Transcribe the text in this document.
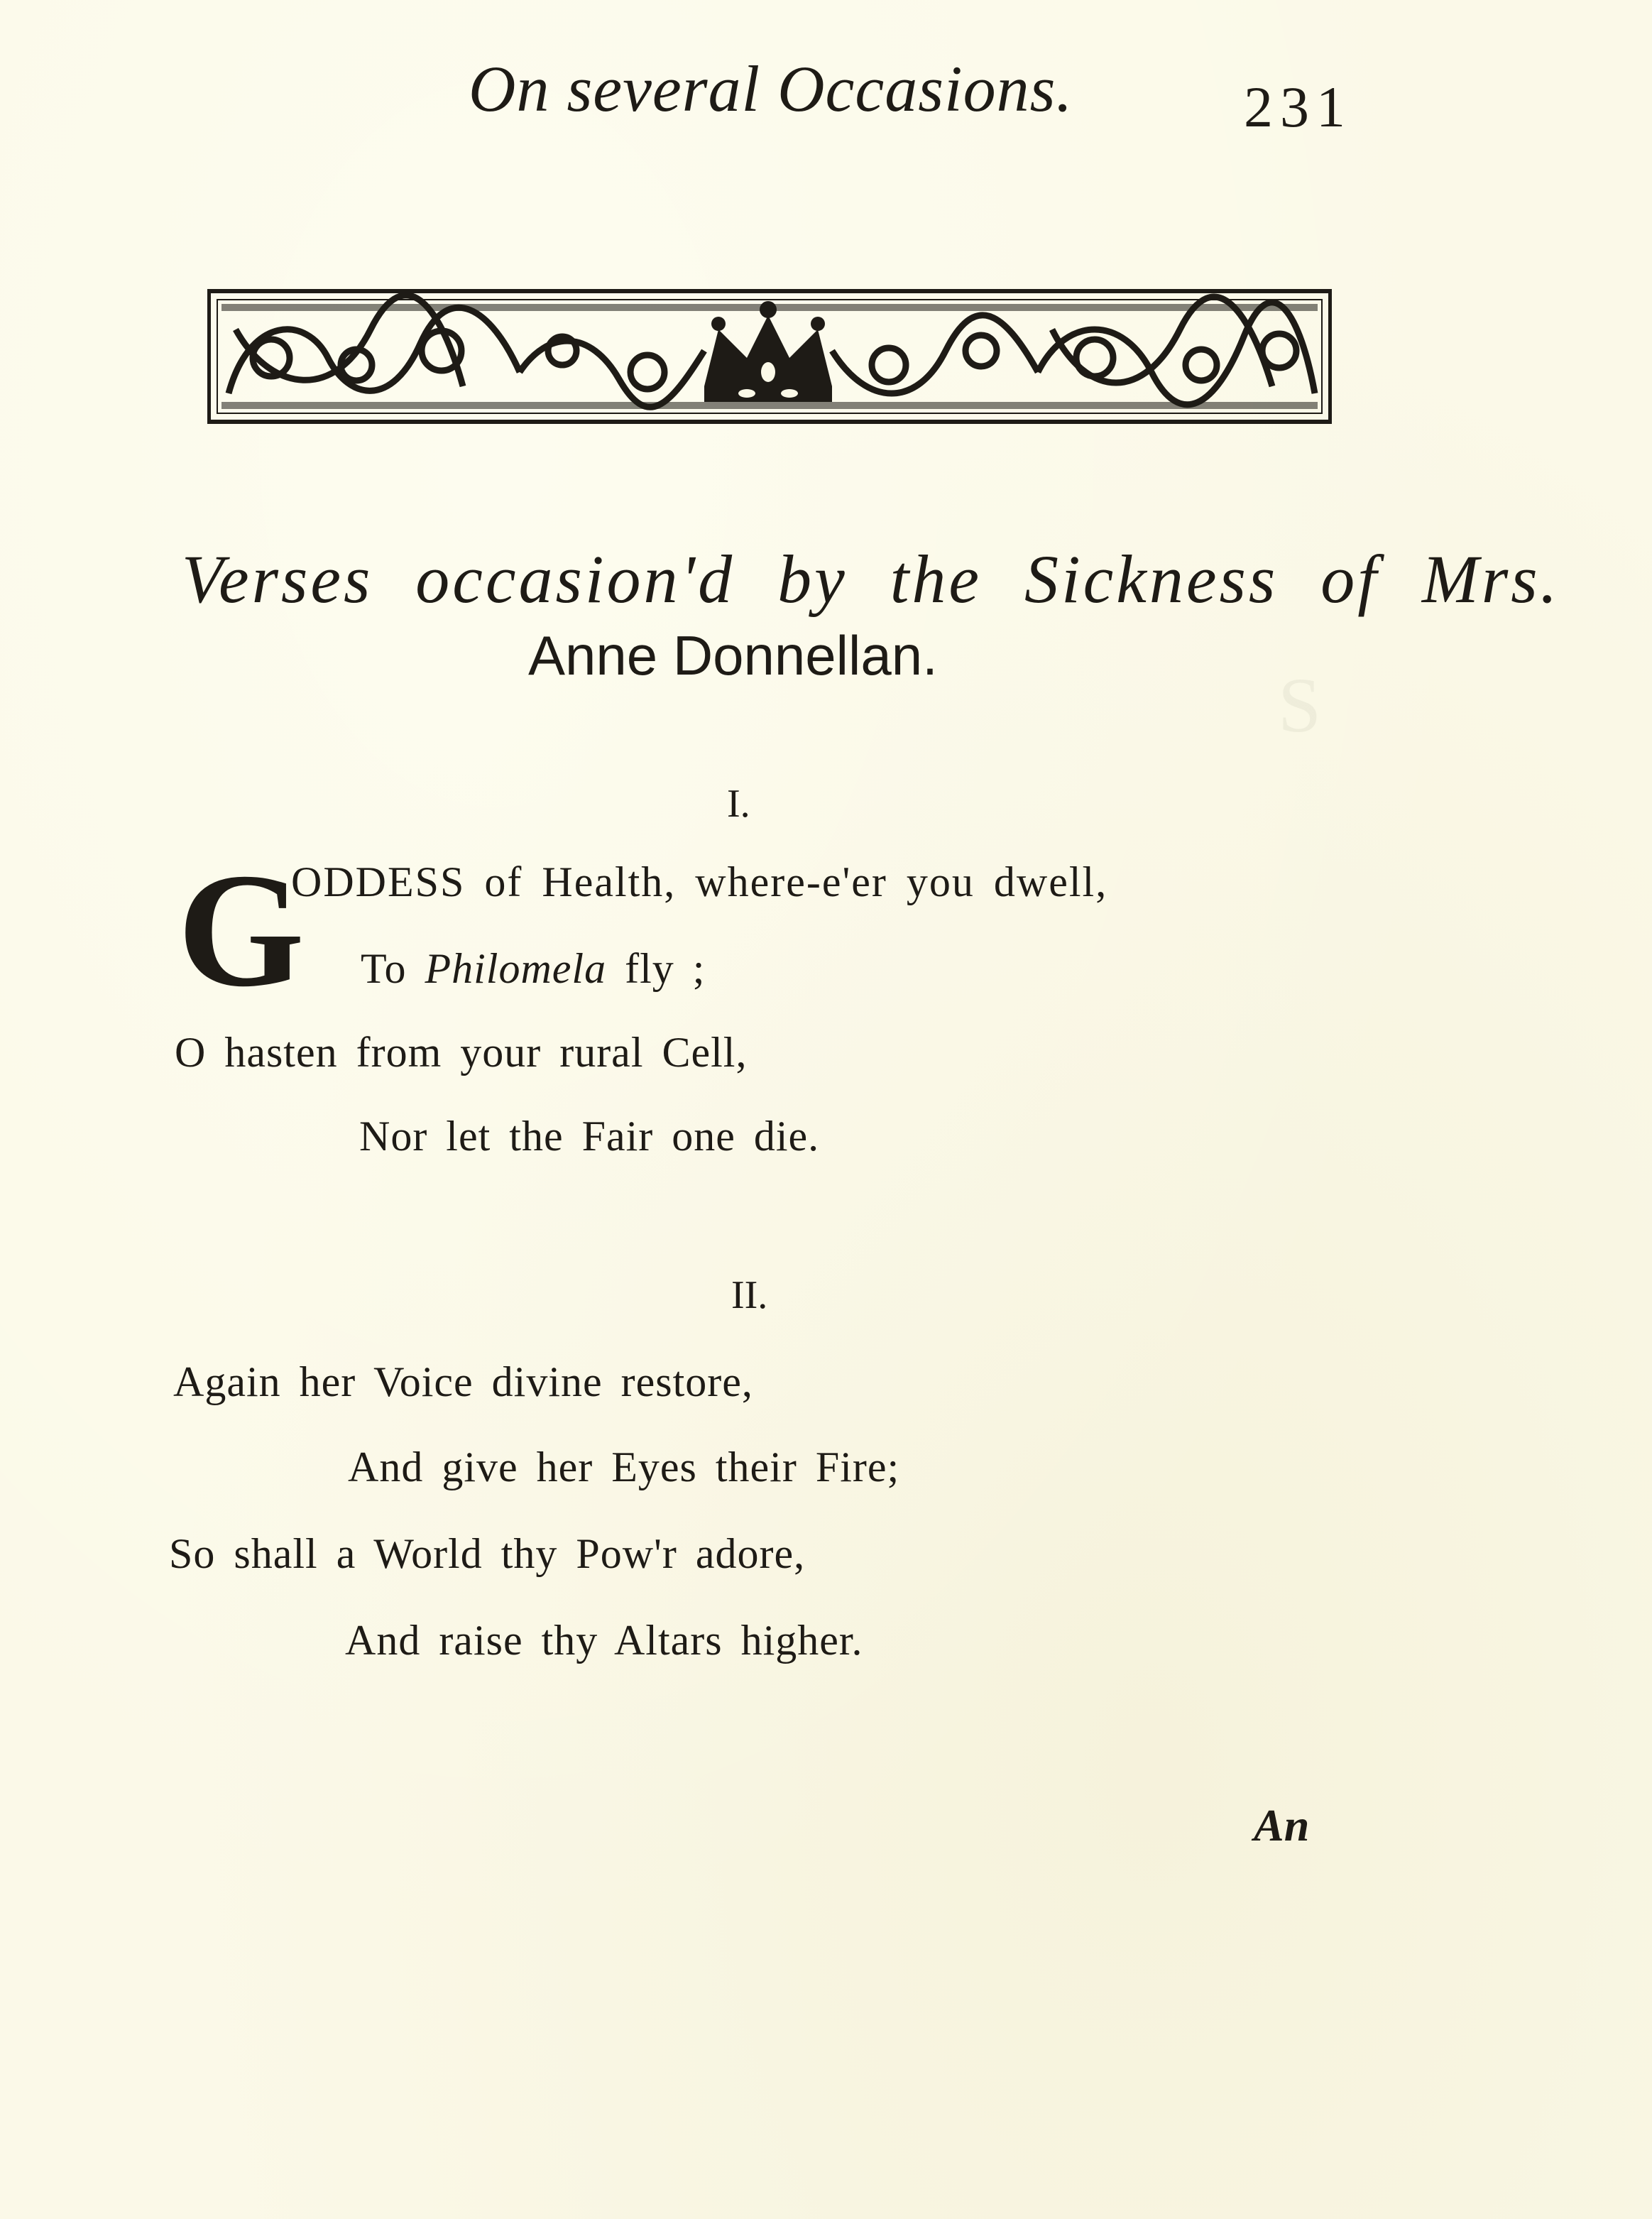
S
On several Occasions.	231
Verses occasion'd by the Sickness of Mrs.
Anne Donnellan.
I.
G
ODDESS of Health, where-e'er you dwell,
To Philomela fly ;
O hasten from your rural Cell,
Nor let the Fair one die.
II.
Again her Voice divine restore,
And give her Eyes their Fire;
So shall a World thy Pow'r adore,
And raise thy Altars higher.
An
